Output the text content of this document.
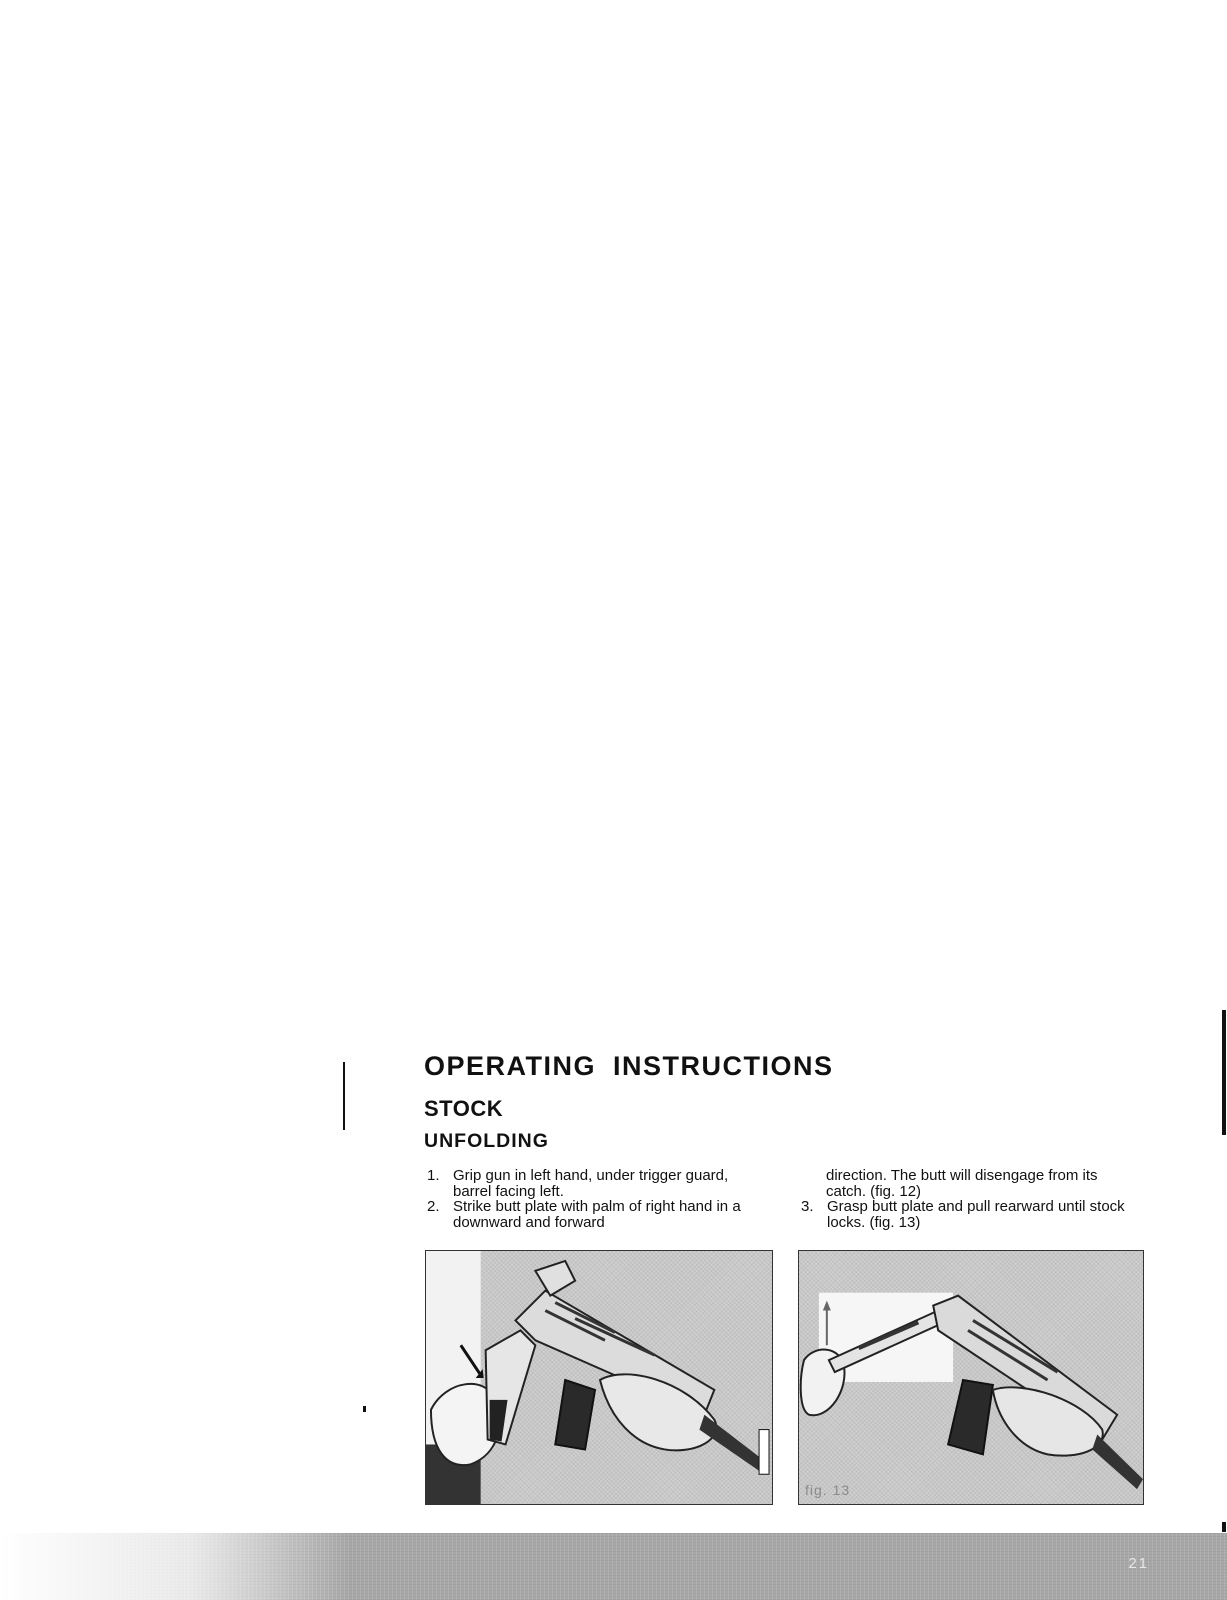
OPERATING INSTRUCTIONS
STOCK
UNFOLDING
1. Grip gun in left hand, under trigger guard, barrel facing left.
2. Strike butt plate with palm of right hand in a downward and forward
direction. The butt will disengage from its catch. (fig. 12)
3. Grasp butt plate and pull rearward until stock locks. (fig. 13)
fig. 13
21
